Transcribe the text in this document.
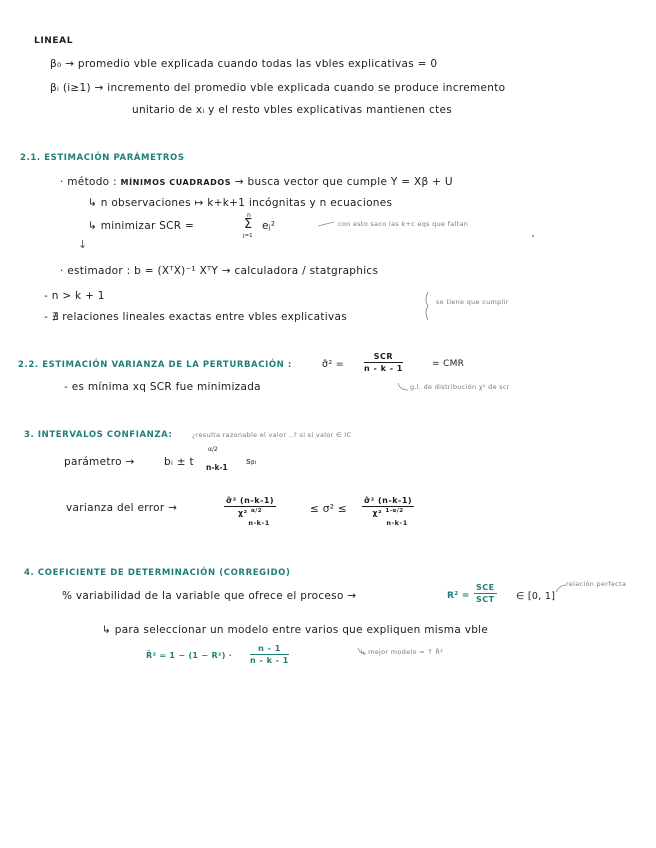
LINEAL
β₀ → promedio vble explicada cuando todas las vbles explicativas = 0
βᵢ (i≥1) → incremento del promedio vble explicada cuando se produce incremento
unitario de xᵢ y el resto vbles explicativas mantienen ctes
2.1. ESTIMACIÓN PARÁMETROS
· método : MÍNIMOS CUADRADOS → busca vector que cumple Y = Xβ + U
↳ n observaciones ↦ k+k+1 incógnitas y n ecuaciones
↳ minimizar SCR =
n
Σ
j=1
eⱼ²	con esto saco las k+c eqs que faltan
↓
· estimador : b = (XᵀX)⁻¹ XᵀY → calculadora / statgraphics
- n > k + 1
- ∄ relaciones lineales exactas entre vbles explicativas
se tiene que cumplir
2.2. ESTIMACIÓN VARIANZA DE LA PERTURBACIÓN :	σ̂² =
SCR
n - k - 1	= CMR
- es mínima xq SCR fue minimizada	g.l. de distribución χ² de scr
3. INTERVALOS CONFIANZA:	¿resulta razonable el valor ..? si si valor ∈ IC
parámetro →	bᵢ ± t
α/2
n-k-1
sᵦᵢ
varianza del error →
σ̂² (n-k-1)
χ² $^{\alpha/2}$
n-k-1
≤ σ² ≤
σ̂² (n-k-1)
χ² $^{1-\alpha/2}$
n-k-1
4. COEFICIENTE DE DETERMINACIÓN (CORREGIDO)
% variabilidad de la variable que ofrece el proceso →	R² =
SCE
SCT ∈ [0, 1]
relación perfecta
↳ para seleccionar un modelo entre varios que expliquen misma vble
R̄² = $1 - (1 - R^2) \cdot \frac{n - 1}{n - k - 1}$	↳ mejor modelo = ↑ R̄²
